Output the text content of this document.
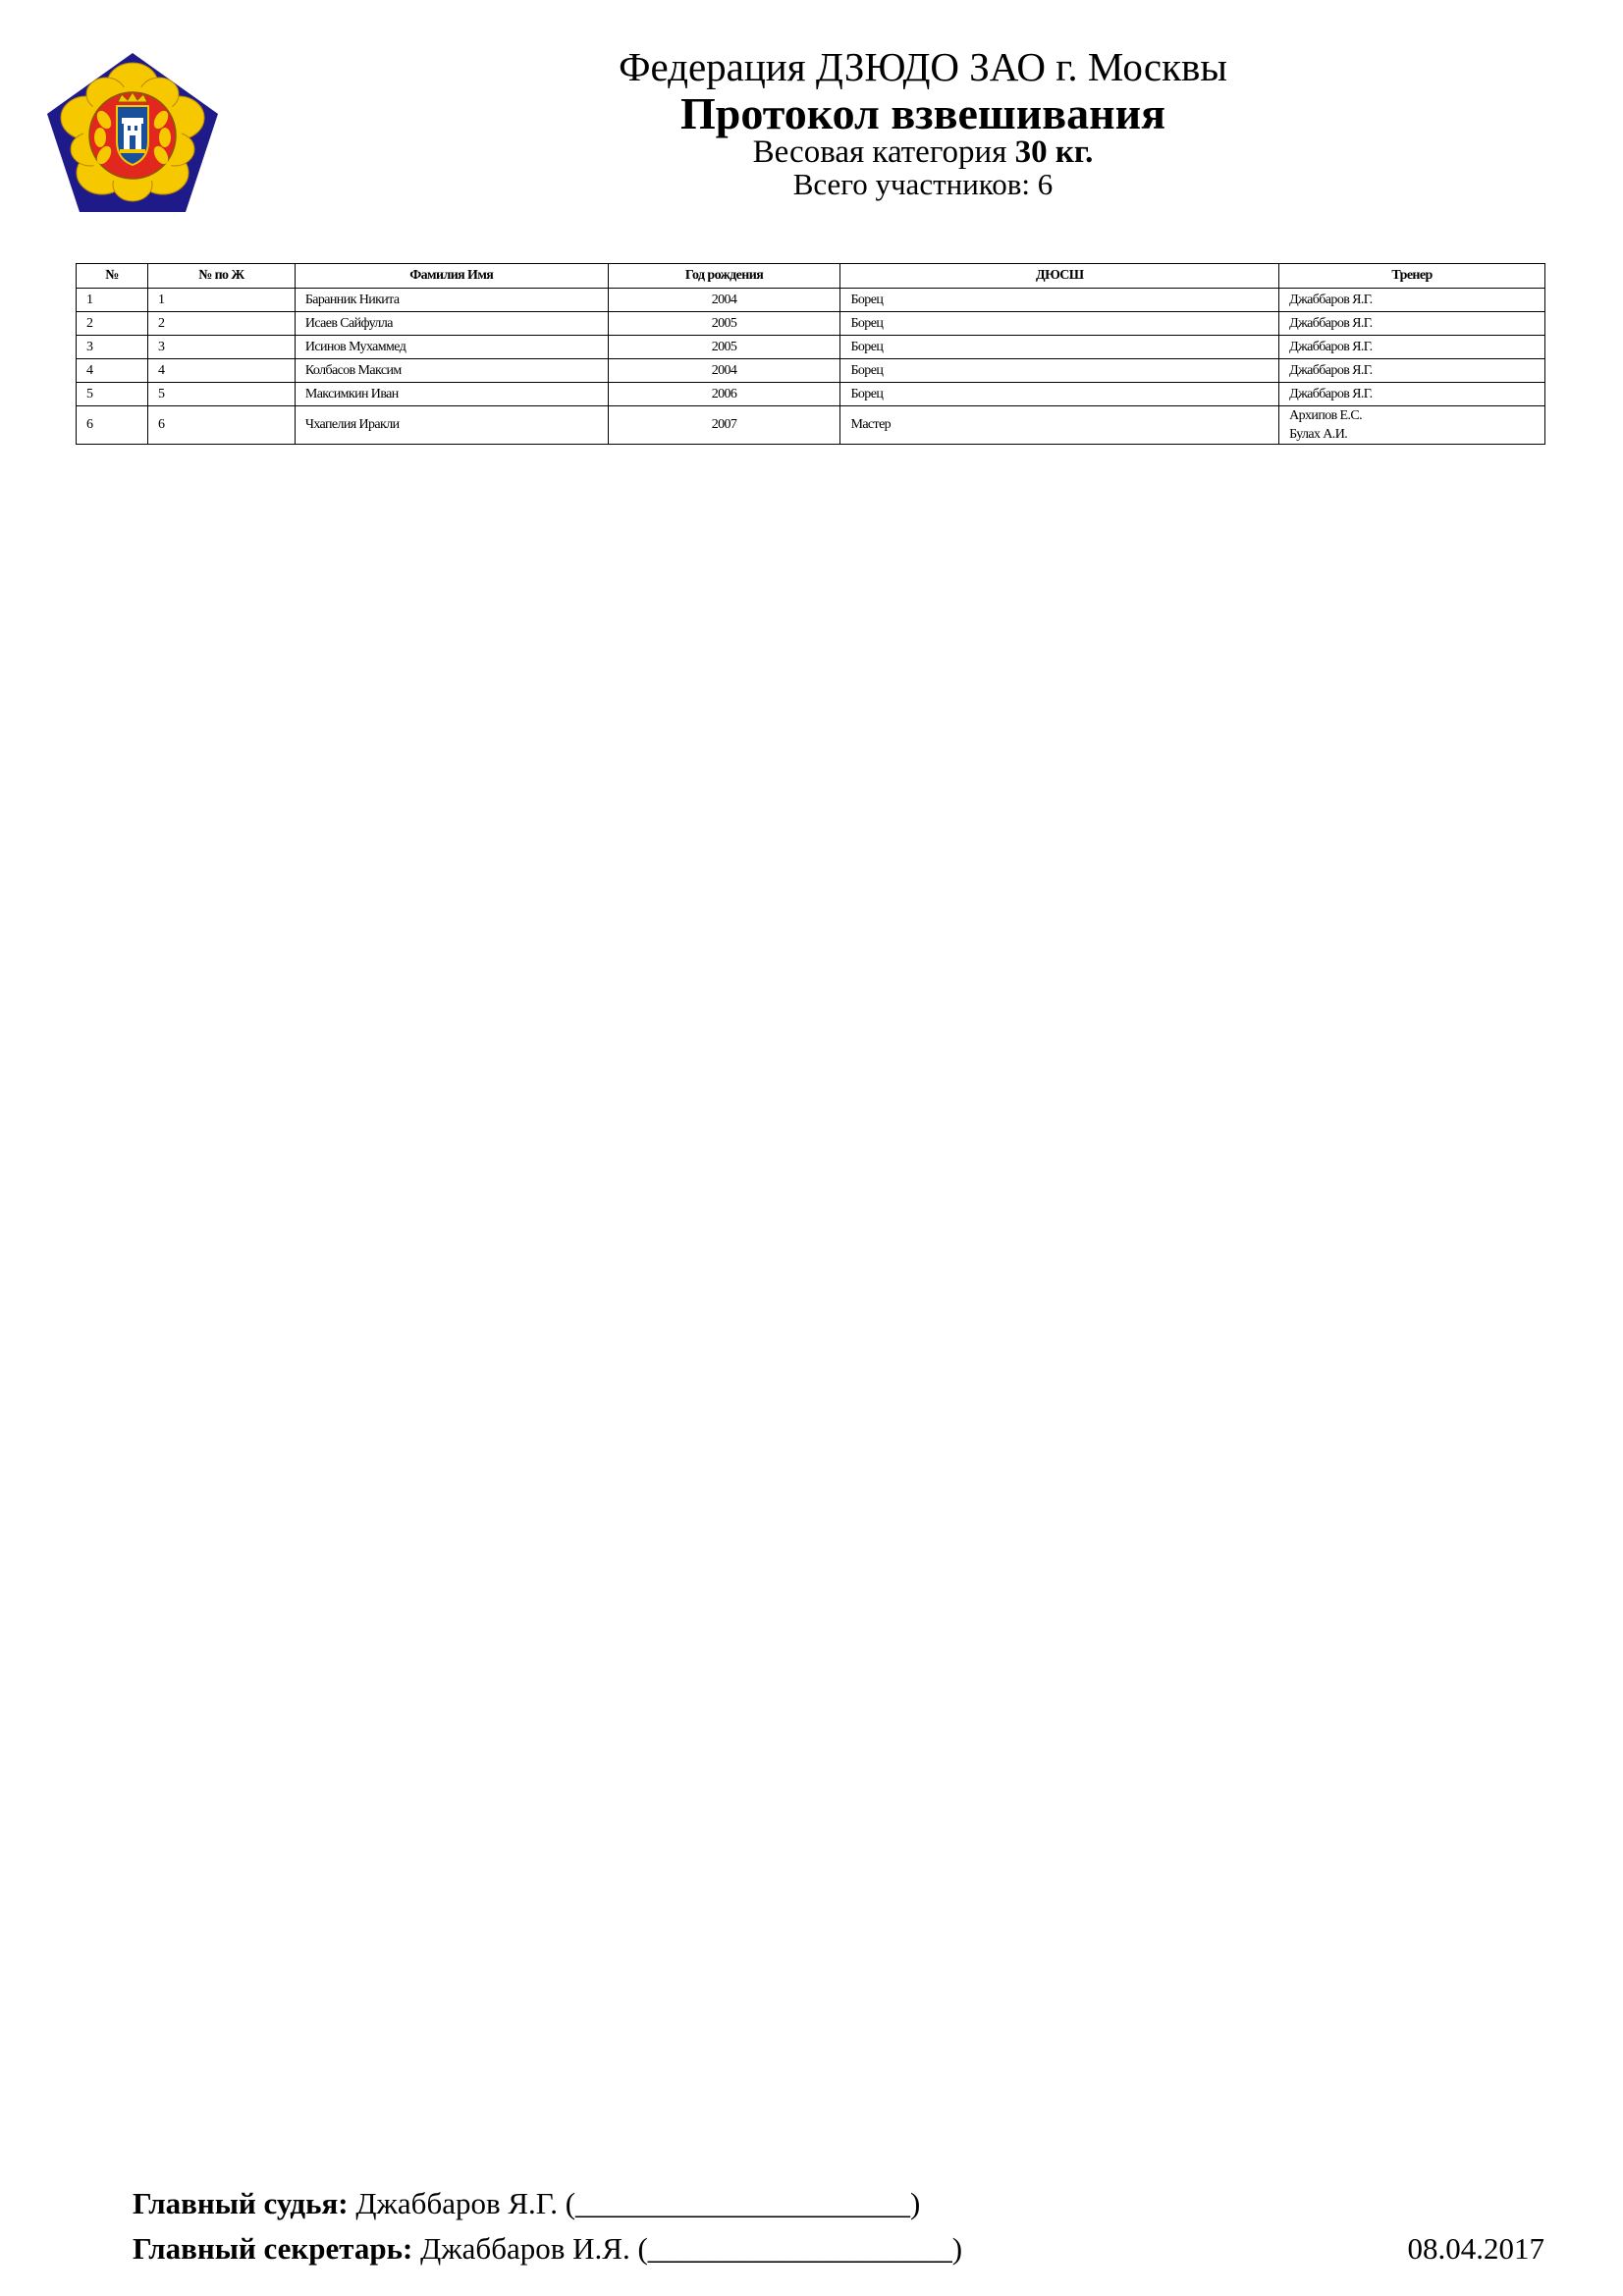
Федерация ДЗЮДО ЗАО г. Москвы
Протокол взвешивания
Весовая категория 30 кг.
Всего участников: 6
№	№ по Ж	Фамилия Имя	Год рождения	ДЮСШ	Тренер
1	1	Баранник Никита	2004	Борец	Джаббаров Я.Г.

2	2	Исаев Сайфулла	2005	Борец	Джаббаров Я.Г.

3	3	Исинов Мухаммед	2005	Борец	Джаббаров Я.Г.

4	4	Колбасов Максим	2004	Борец	Джаббаров Я.Г.

5	5	Максимкин Иван	2006	Борец	Джаббаров Я.Г.

6	6	Чхапелия Иракли	2007	Мастер	Архипов Е.С.
Булах А.И.
Главный судья: Джаббаров Я.Г. (______________________)
Главный секретарь: Джаббаров И.Я. (____________________)	08.04.2017
